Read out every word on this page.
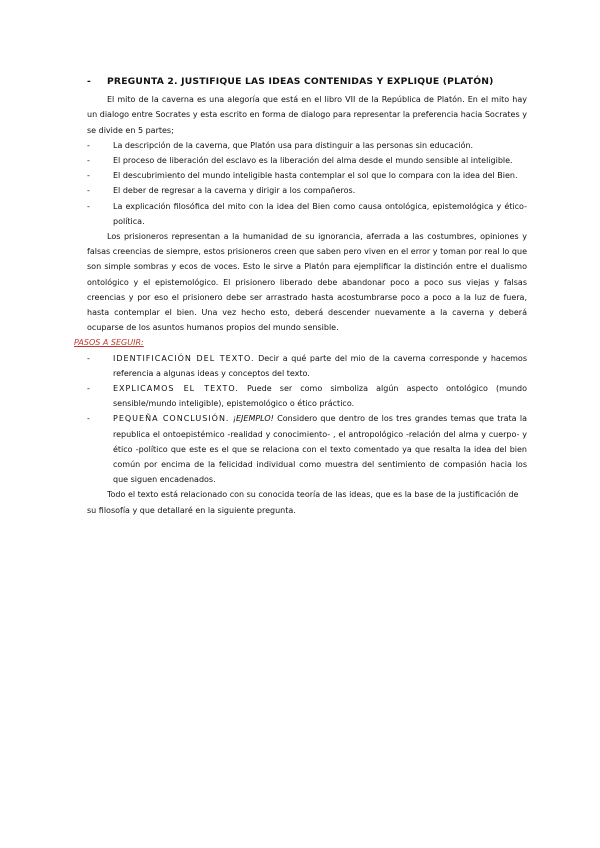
-	PREGUNTA 2. JUSTIFIQUE LAS IDEAS CONTENIDAS Y EXPLIQUE (PLATÓN)

El mito de la caverna es una alegoría que está en el libro VII de la República de Platón. En el mito hay un dialogo entre Socrates y esta escrito en forma de dialogo para representar la preferencia hacia Socrates y se divide en 5 partes;

-	La descripción de la caverna, que Platón usa para distinguir a las personas sin educación.
-	El proceso de liberación del esclavo es la liberación del alma desde el mundo sensible al inteligible.
-	El descubrimiento del mundo inteligible hasta contemplar el sol que lo compara con la idea del Bien.
-	El deber de regresar a la caverna y dirigir a los compañeros.
-	La explicación filosófica del mito con la idea del Bien como causa ontológica, epistemológica y ético-política.

Los prisioneros representan a la humanidad de su ignorancia, aferrada a las costumbres, opiniones y falsas creencias de siempre, estos prisioneros creen que saben pero viven en el error y toman por real lo que son simple sombras y ecos de voces. Esto le sirve a Platón para ejemplificar la distinción entre el dualismo ontológico y el epistemológico. El prisionero liberado debe abandonar poco a poco sus viejas y falsas creencias y por eso el prisionero debe ser arrastrado hasta acostumbrarse poco a poco a la luz de fuera, hasta contemplar el bien. Una vez hecho esto, deberá descender nuevamente a la caverna y deberá ocuparse de los asuntos humanos propios del mundo sensible.

PASOS A SEGUIR:
-	IDENTIFICACIÓN DEL TEXTO. Decir a qué parte del mio de la caverna corresponde y hacemos referencia a algunas ideas y conceptos del texto.
-	EXPLICAMOS EL TEXTO. Puede ser como simboliza algún aspecto ontológico (mundo sensible/mundo inteligible), epistemológico o ético práctico.
-	PEQUEÑA CONCLUSIÓN. ¡EJEMPLO! Considero que dentro de los tres grandes temas que trata la republica el ontoepistémico -realidad y conocimiento- , el antropológico -relación del alma y cuerpo- y ético -político que este es el que se relaciona con el texto comentado ya que resalta la idea del bien común por encima de la felicidad individual como muestra del sentimiento de compasión hacia los que siguen encadenados.

Todo el texto está relacionado con su conocida teoría de las ideas, que es la base de la justificación de su filosofía y que detallaré en la siguiente pregunta.
